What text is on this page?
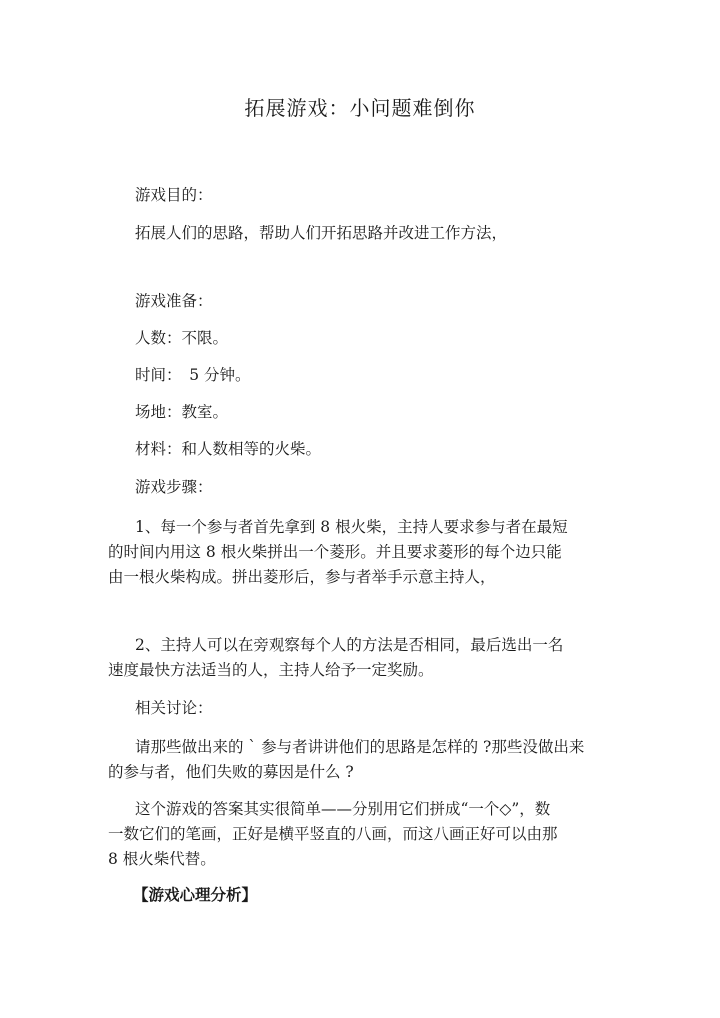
拓展游戏：小问题难倒你
游戏目的：
拓展人们的思路，帮助人们开拓思路并改进工作方法，
游戏准备：
人数：不限。
时间：　5 分钟。
场地：教室。
材料：和人数相等的火柴。
游戏步骤：
1、每一个参与者首先拿到 8 根火柴，主持人要求参与者在最短
的时间内用这 8 根火柴拼出一个菱形。并且要求菱形的每个边只能
由一根火柴构成。拼出菱形后，参与者举手示意主持人，
2、主持人可以在旁观察每个人的方法是否相同，最后选出一名
速度最快方法适当的人，主持人给予一定奖励。
相关讨论：
请那些做出来的 ` 参与者讲讲他们的思路是怎样的 ?那些没做出来
的参与者，他们失败的募因是什么 ?
这个游戏的答案其实很简单——分别用它们拼成“一个◇”，数
一数它们的笔画，正好是横平竖直的八画，而这八画正好可以由那
8 根火柴代替。
【游戏心理分析】
